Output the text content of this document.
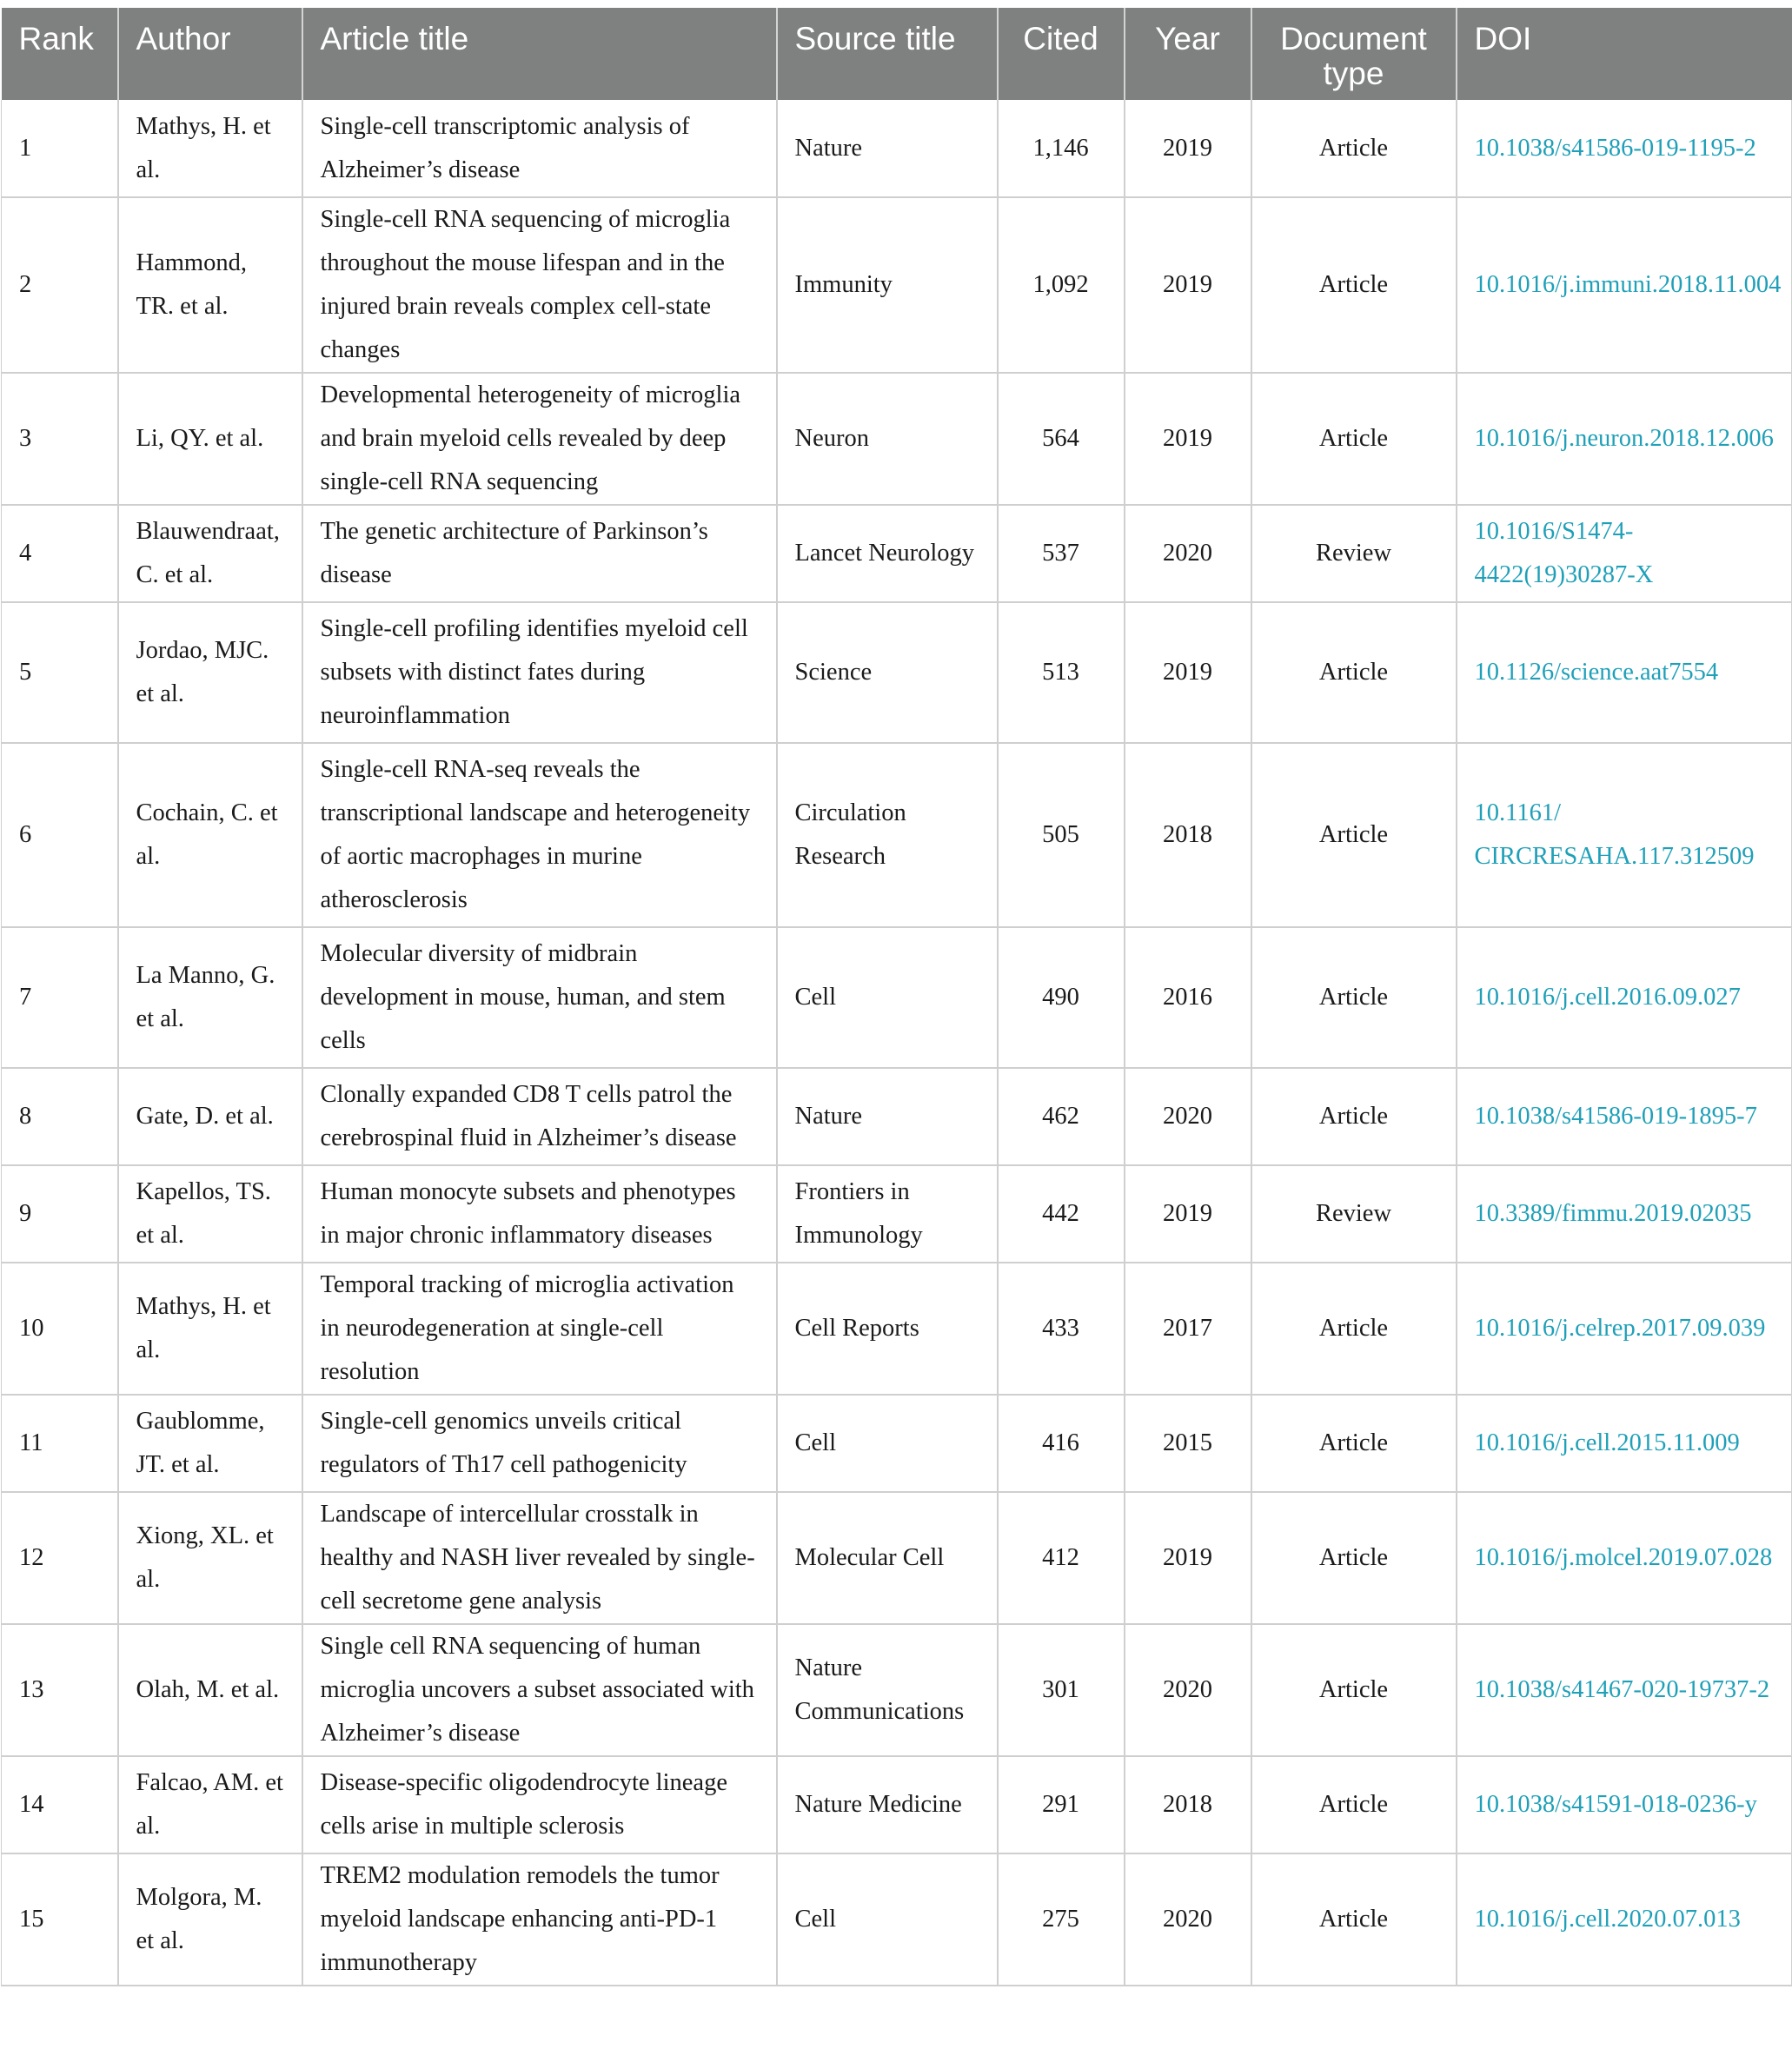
Rank	Author	Article title	Source title	Cited	Year	Document type	DOI
1	Mathys, H. et al.	Single-cell transcriptomic analysis of Alzheimer’s disease	Nature	1,146	2019	Article	10.1038/s41586-019-1195-2
2	Hammond, TR. et al.	Single-cell RNA sequencing of microglia throughout the mouse lifespan and in the injured brain reveals complex cell-state changes	Immunity	1,092	2019	Article	10.1016/j.immuni.2018.11.004
3	Li, QY. et al.	Developmental heterogeneity of microglia and brain myeloid cells revealed by deep single-cell RNA sequencing	Neuron	564	2019	Article	10.1016/j.neuron.2018.12.006
4	Blauwendraat, C. et al.	The genetic architecture of Parkinson’s disease	Lancet Neurology	537	2020	Review	10.1016/S1474-4422(19)30287-X
5	Jordao, MJC. et al.	Single-cell profiling identifies myeloid cell subsets with distinct fates during neuroinflammation	Science	513	2019	Article	10.1126/science.aat7554
6	Cochain, C. et al.	Single-cell RNA-seq reveals the transcriptional landscape and heterogeneity of aortic macrophages in murine atherosclerosis	Circulation Research	505	2018	Article	10.1161/ CIRCRESAHA.117.312509
7	La Manno, G. et al.	Molecular diversity of midbrain development in mouse, human, and stem cells	Cell	490	2016	Article	10.1016/j.cell.2016.09.027
8	Gate, D. et al.	Clonally expanded CD8 T cells patrol the cerebrospinal fluid in Alzheimer’s disease	Nature	462	2020	Article	10.1038/s41586-019-1895-7
9	Kapellos, TS. et al.	Human monocyte subsets and phenotypes in major chronic inflammatory diseases	Frontiers in Immunology	442	2019	Review	10.3389/fimmu.2019.02035
10	Mathys, H. et al.	Temporal tracking of microglia activation in neurodegeneration at single-cell resolution	Cell Reports	433	2017	Article	10.1016/j.celrep.2017.09.039
11	Gaublomme, JT. et al.	Single-cell genomics unveils critical regulators of Th17 cell pathogenicity	Cell	416	2015	Article	10.1016/j.cell.2015.11.009
12	Xiong, XL. et al.	Landscape of intercellular crosstalk in healthy and NASH liver revealed by single-cell secretome gene analysis	Molecular Cell	412	2019	Article	10.1016/j.molcel.2019.07.028
13	Olah, M. et al.	Single cell RNA sequencing of human microglia uncovers a subset associated with Alzheimer’s disease	Nature Communications	301	2020	Article	10.1038/s41467-020-19737-2
14	Falcao, AM. et al.	Disease-specific oligodendrocyte lineage cells arise in multiple sclerosis	Nature Medicine	291	2018	Article	10.1038/s41591-018-0236-y
15	Molgora, M. et al.	TREM2 modulation remodels the tumor myeloid landscape enhancing anti-PD-1 immunotherapy	Cell	275	2020	Article	10.1016/j.cell.2020.07.013
